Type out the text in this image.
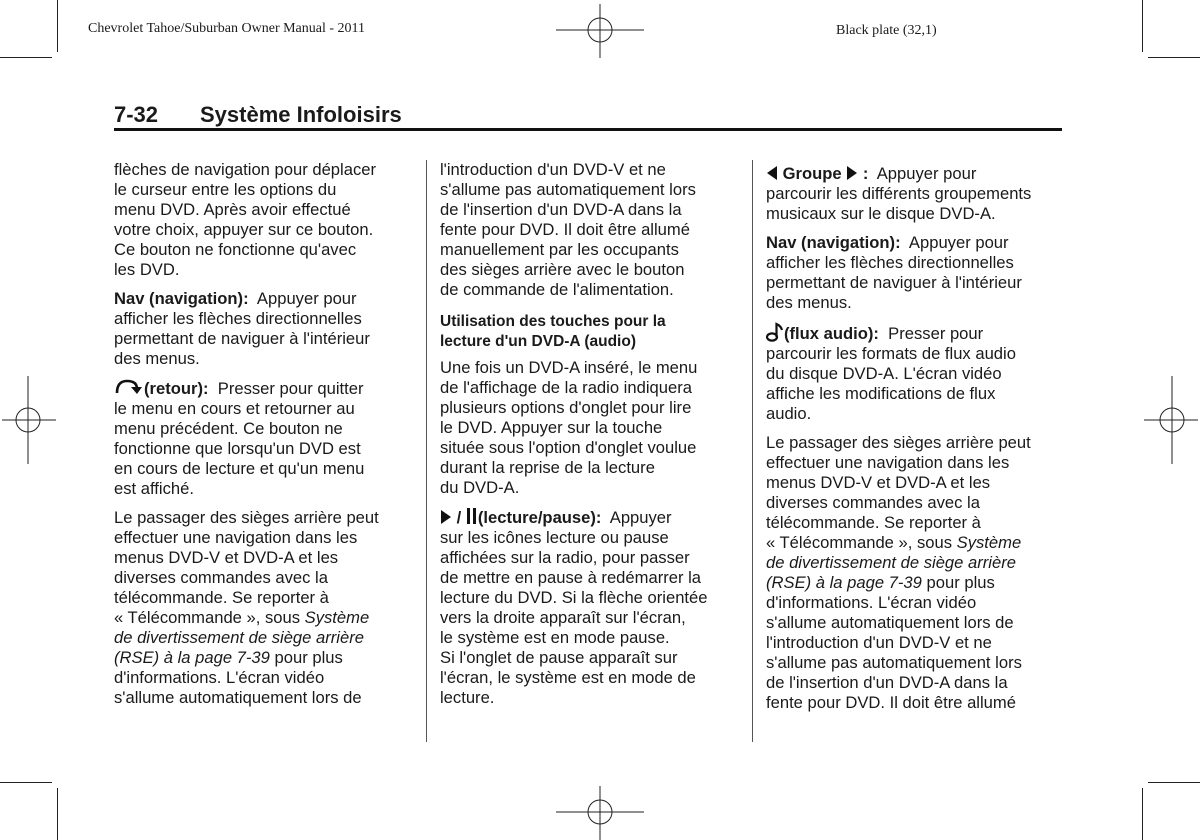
Chevrolet Tahoe/Suburban Owner Manual - 2011	Black plate (32,1)
7-32	Système Infoloisirs

flèches de navigation pour déplacer
le curseur entre les options du
menu DVD. Après avoir effectué
votre choix, appuyer sur ce bouton.
Ce bouton ne fonctionne qu'avec
les DVD.

Nav (navigation): Appuyer pour
afficher les flèches directionnelles
permettant de naviguer à l'intérieur
des menus.

(retour): Presser pour quitter
le menu en cours et retourner au
menu précédent. Ce bouton ne
fonctionne que lorsqu'un DVD est
en cours de lecture et qu'un menu
est affiché.

Le passager des sièges arrière peut
effectuer une navigation dans les
menus DVD-V et DVD-A et les
diverses commandes avec la
télécommande. Se reporter à
« Télécommande », sous Système
de divertissement de siège arrière
(RSE) à la page 7-39 pour plus
d'informations. L'écran vidéo
s'allume automatiquement lors de

l'introduction d'un DVD-V et ne
s'allume pas automatiquement lors
de l'insertion d'un DVD-A dans la
fente pour DVD. Il doit être allumé
manuellement par les occupants
des sièges arrière avec le bouton
de commande de l'alimentation.

Utilisation des touches pour la
lecture d'un DVD-A (audio)

Une fois un DVD-A inséré, le menu
de l'affichage de la radio indiquera
plusieurs options d'onglet pour lire
le DVD. Appuyer sur la touche
située sous l'option d'onglet voulue
durant la reprise de la lecture
du DVD-A.

/ (lecture/pause): Appuyer
sur les icônes lecture ou pause
affichées sur la radio, pour passer
de mettre en pause à redémarrer la
lecture du DVD. Si la flèche orientée
vers la droite apparaît sur l'écran,
le système est en mode pause.
Si l'onglet de pause apparaît sur
l'écran, le système est en mode de
lecture.

Groupe : Appuyer pour
parcourir les différents groupements
musicaux sur le disque DVD-A.

Nav (navigation): Appuyer pour
afficher les flèches directionnelles
permettant de naviguer à l'intérieur
des menus.

(flux audio): Presser pour
parcourir les formats de flux audio
du disque DVD-A. L'écran vidéo
affiche les modifications de flux
audio.

Le passager des sièges arrière peut
effectuer une navigation dans les
menus DVD-V et DVD-A et les
diverses commandes avec la
télécommande. Se reporter à
« Télécommande », sous Système
de divertissement de siège arrière
(RSE) à la page 7-39 pour plus
d'informations. L'écran vidéo
s'allume automatiquement lors de
l'introduction d'un DVD-V et ne
s'allume pas automatiquement lors
de l'insertion d'un DVD-A dans la
fente pour DVD. Il doit être allumé
